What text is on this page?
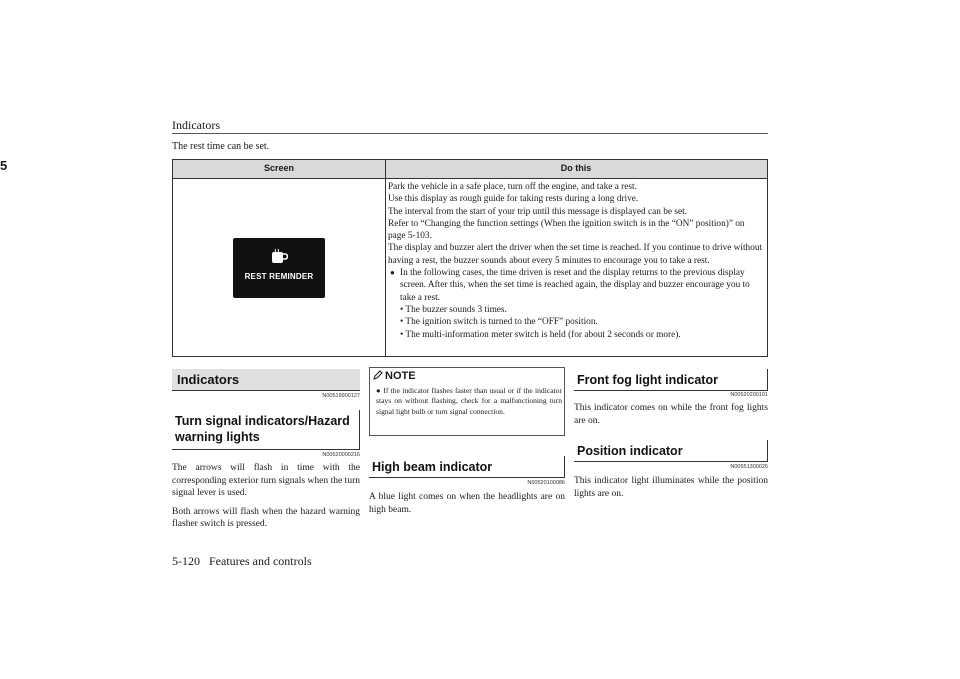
Indicators
5
The rest time can be set.
Screen	Do this
REST REMINDER

Park the vehicle in a safe place, turn off the engine, and take a rest.

Use this display as rough guide for taking rests during a long drive.

The interval from the start of your trip until this message is displayed can be set.

Refer to “Changing the function settings (When the ignition switch is in the “ON” position)” on page 5-103.

The display and buzzer alert the driver when the set time is reached. If you continue to drive without having a rest, the buzzer sounds about every 5 minutes to encourage you to take a rest.

● In the following cases, the time driven is reset and the display returns to the previous display screen. After this, when the set time is reached again, the display and buzzer encourage you to take a rest.

• The buzzer sounds 3 times.

• The ignition switch is turned to the “OFF” position.

• The multi-information meter switch is held (for about 2 seconds or more).

Indicators
N00519900127
Turn signal indicators/Hazard warning lights
N00520000216

The arrows will flash in time with the corresponding exterior turn signals when the turn signal lever is used.

Both arrows will flash when the hazard warning flasher switch is pressed.

NOTE
● If the indicator flashes faster than usual or if the indicator stays on without flashing, check for a malfunctioning turn signal light bulb or turn signal connection.
High beam indicator
N00520100086

A blue light comes on when the headlights are on high beam.

Front fog light indicator
N00520200191

This indicator comes on while the front fog lights are on.

Position indicator
N00551300026

This indicator light illuminates while the position lights are on.

5-120 Features and controls
